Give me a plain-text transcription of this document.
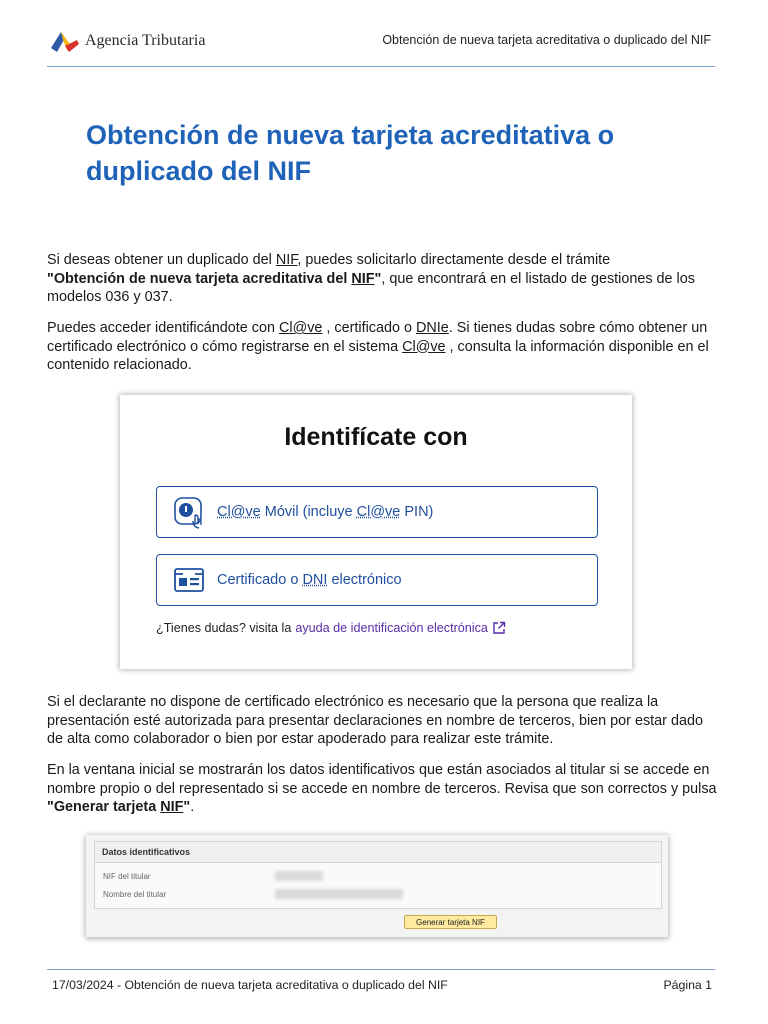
Agencia Tributaria	Obtención de nueva tarjeta acreditativa o duplicado del NIF
Obtención de nueva tarjeta acreditativa o duplicado del NIF

Si deseas obtener un duplicado del NIF, puedes solicitarlo directamente desde el trámite
"Obtención de nueva tarjeta acreditativa del NIF", que encontrará en el listado de gestiones de los modelos 036 y 037.

Puedes acceder identificándote con Cl@ve , certificado o DNIe. Si tienes dudas sobre cómo obtener un certificado electrónico o cómo registrarse en el sistema Cl@ve , consulta la información disponible en el contenido relacionado.

Identifícate con
Cl@ve Móvil (incluye Cl@ve PIN)
Certificado o DNI electrónico
¿Tienes dudas? visita la ayuda de identificación electrónica

Si el declarante no dispone de certificado electrónico es necesario que la persona que realiza la presentación esté autorizada para presentar declaraciones en nombre de terceros, bien por estar dado de alta como colaborador o bien por estar apoderado para realizar este trámite.

En la ventana inicial se mostrarán los datos identificativos que están asociados al titular si se accede en nombre propio o del representado si se accede en nombre de terceros. Revisa que son correctos y pulsa "Generar tarjeta NIF".

Datos identificativos
NIF del titular
Nombre del titular
Generar tarjeta NIF
17/03/2024 - Obtención de nueva tarjeta acreditativa o duplicado del NIF	Página 1
